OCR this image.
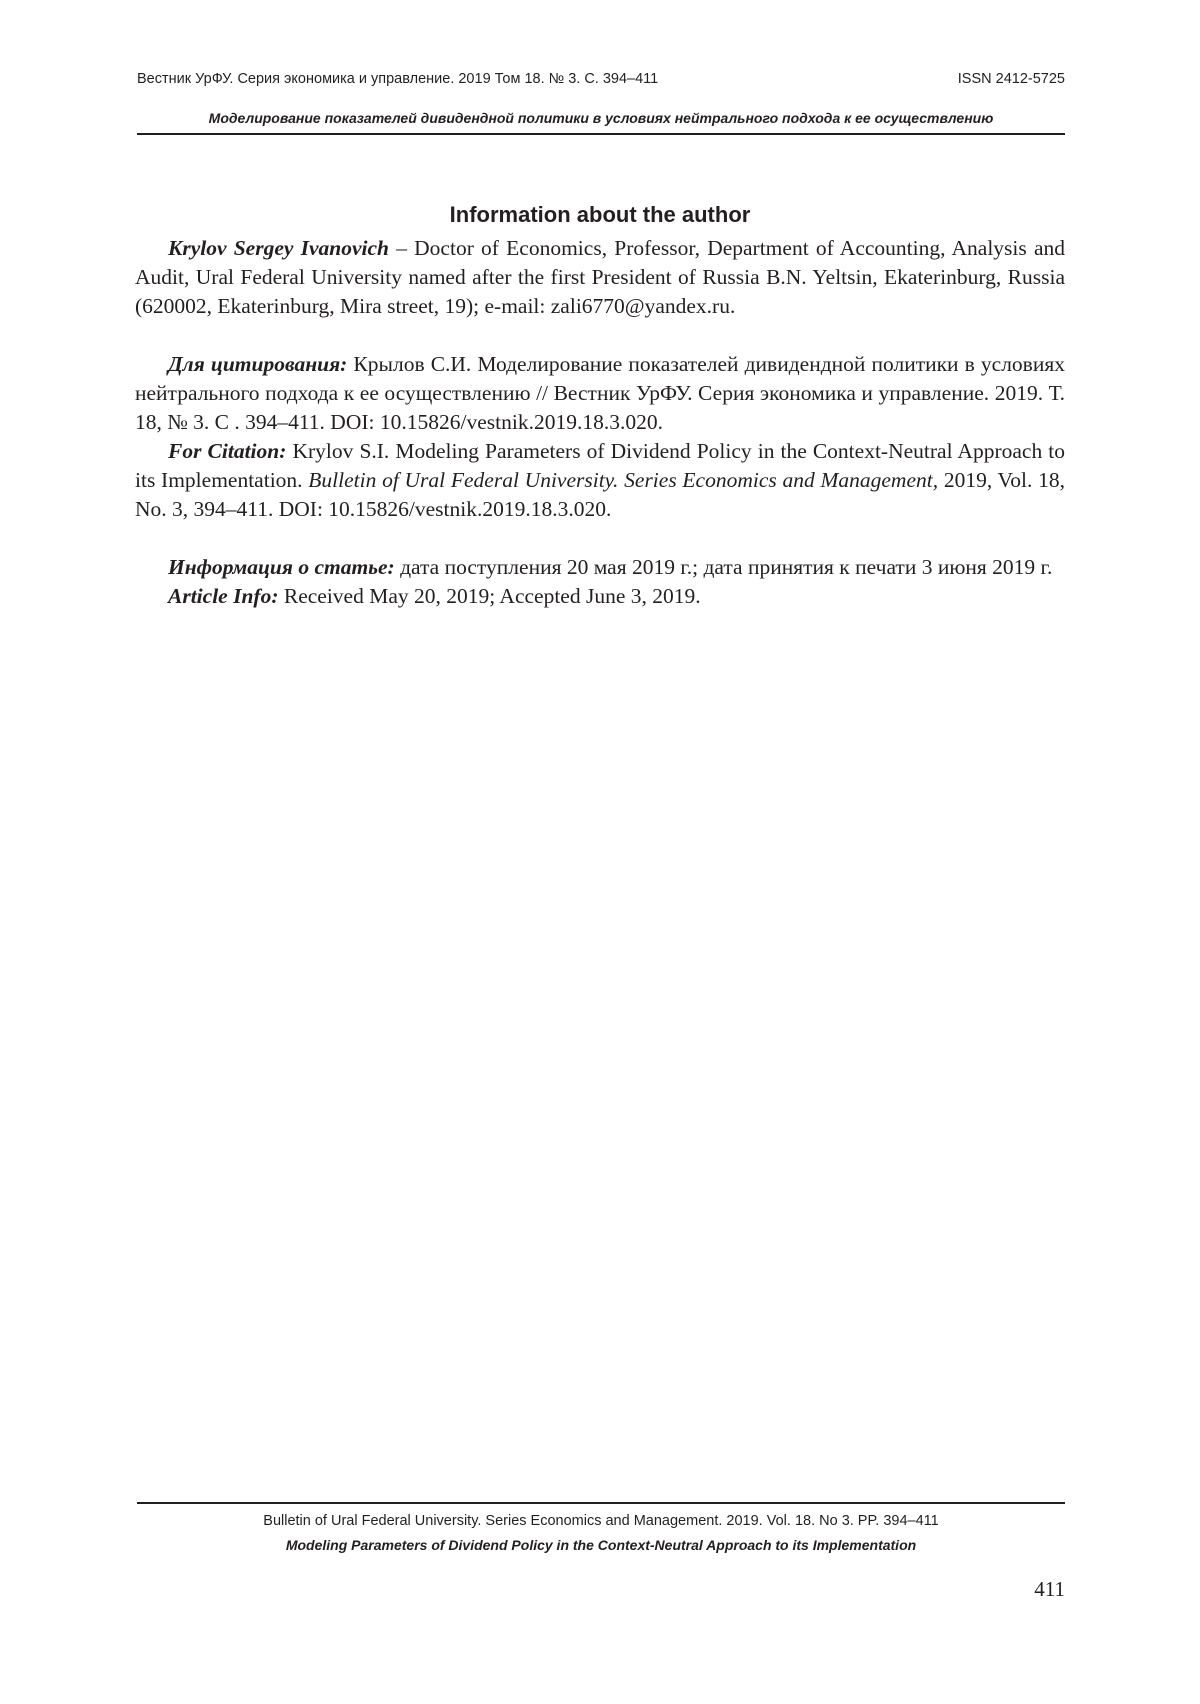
Вестник УрФУ. Серия экономика и управление. 2019 Том 18. № 3. С. 394–411	ISSN 2412-5725
Моделирование показателей дивидендной политики в условиях нейтрального подхода к ее осуществлению
Information about the author

Krylov Sergey Ivanovich – Doctor of Economics, Professor, Department of Accounting, Analysis and Audit, Ural Federal University named after the first President of Russia B.N. Yeltsin, Ekaterinburg, Russia (620002, Ekaterinburg, Mira street, 19); e-mail: zali6770@yandex.ru.

Для цитирования: Крылов С.И. Моделирование показателей дивидендной политики в условиях нейтрального подхода к ее осуществлению // Вестник УрФУ. Серия экономика и управление. 2019. Т. 18, № 3. С . 394–411. DOI: 10.15826/vestnik.2019.18.3.020.

For Citation: Krylov S.I. Modeling Parameters of Dividend Policy in the Context-Neutral Approach to its Implementation. Bulletin of Ural Federal University. Series Economics and Management, 2019, Vol. 18, No. 3, 394–411. DOI: 10.15826/vestnik.2019.18.3.020.

Информация о статье: дата поступления 20 мая 2019 г.; дата принятия к печати 3 июня 2019 г.

Article Info: Received May 20, 2019; Accepted June 3, 2019.

Bulletin of Ural Federal University. Series Economics and Management. 2019. Vol. 18. No 3. PP. 394–411
Modeling Parameters of Dividend Policy in the Context-Neutral Approach to its Implementation
411
